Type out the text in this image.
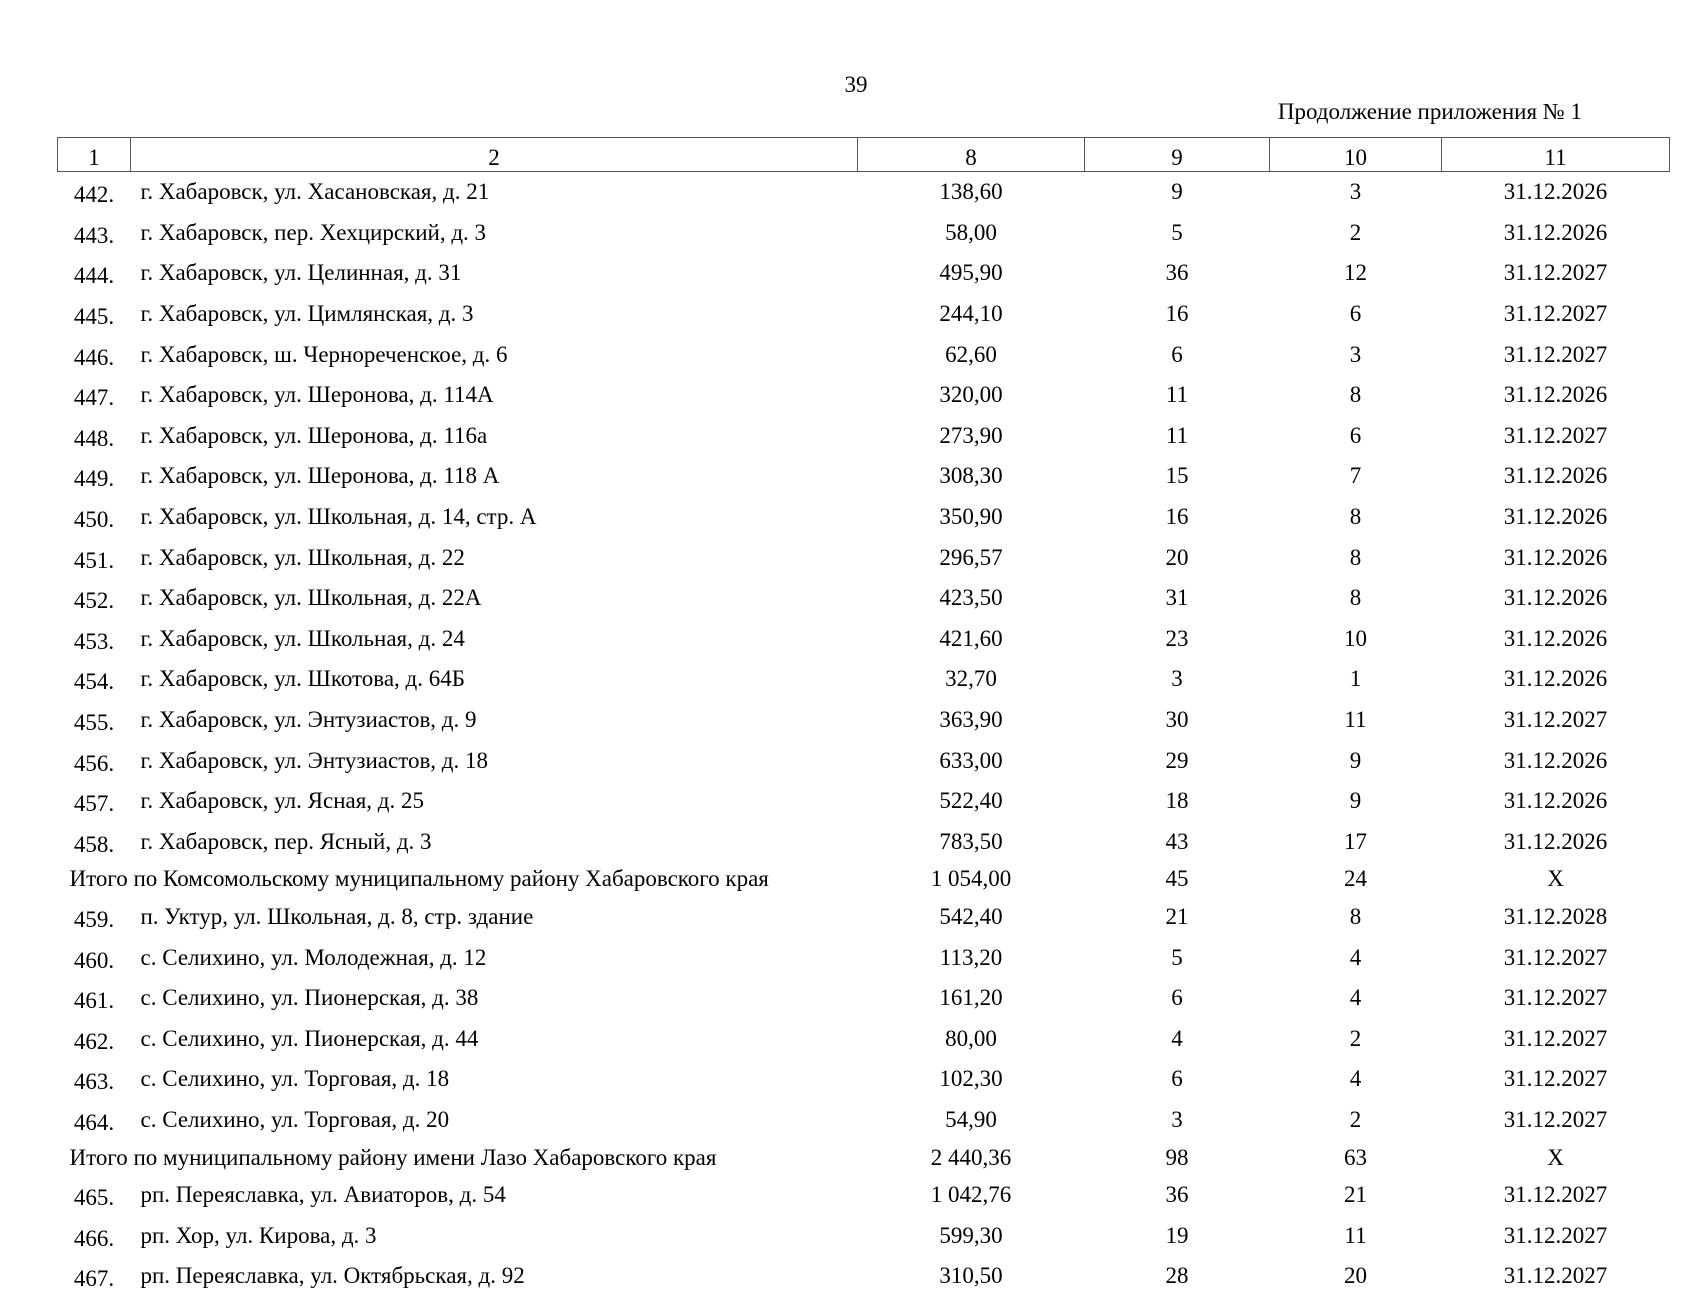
39
Продолжение приложения № 1
1	2	8	9	10	11
442.	г. Хабаровск, ул. Хасановская, д. 21	138,60	9	3	31.12.2026
443.	г. Хабаровск, пер. Хехцирский, д. 3	58,00	5	2	31.12.2026
444.	г. Хабаровск, ул. Целинная, д. 31	495,90	36	12	31.12.2027
445.	г. Хабаровск, ул. Цимлянская, д. 3	244,10	16	6	31.12.2027
446.	г. Хабаровск, ш. Черноречeнское, д. 6	62,60	6	3	31.12.2027
447.	г. Хабаровск, ул. Шеронова, д. 114А	320,00	11	8	31.12.2026
448.	г. Хабаровск, ул. Шеронова, д. 116а	273,90	11	6	31.12.2027
449.	г. Хабаровск, ул. Шеронова, д. 118 А	308,30	15	7	31.12.2026
450.	г. Хабаровск, ул. Школьная, д. 14, стр. А	350,90	16	8	31.12.2026
451.	г. Хабаровск, ул. Школьная, д. 22	296,57	20	8	31.12.2026
452.	г. Хабаровск, ул. Школьная, д. 22А	423,50	31	8	31.12.2026
453.	г. Хабаровск, ул. Школьная, д. 24	421,60	23	10	31.12.2026
454.	г. Хабаровск, ул. Шкотова, д. 64Б	32,70	3	1	31.12.2026
455.	г. Хабаровск, ул. Энтузиастов, д. 9	363,90	30	11	31.12.2027
456.	г. Хабаровск, ул. Энтузиастов, д. 18	633,00	29	9	31.12.2026
457.	г. Хабаровск, ул. Ясная, д. 25	522,40	18	9	31.12.2026
458.	г. Хабаровск, пер. Ясный, д. 3	783,50	43	17	31.12.2026
Итого по Комсомольскому муниципальному району Хабаровского края		1 054,00	45	24	Х
459.	п. Уктур, ул. Школьная, д. 8, стр. здание	542,40	21	8	31.12.2028
460.	с. Селихино, ул. Молодежная, д. 12	113,20	5	4	31.12.2027
461.	с. Селихино, ул. Пионерская, д. 38	161,20	6	4	31.12.2027
462.	с. Селихино, ул. Пионерская, д. 44	80,00	4	2	31.12.2027
463.	с. Селихино, ул. Торговая, д. 18	102,30	6	4	31.12.2027
464.	с. Селихино, ул. Торговая, д. 20	54,90	3	2	31.12.2027
Итого по муниципальному району имени Лазо Хабаровского края		2 440,36	98	63	Х
465.	рп. Переяславка, ул. Авиаторов, д. 54	1 042,76	36	21	31.12.2027
466.	рп. Хор, ул. Кирова, д. 3	599,30	19	11	31.12.2027
467.	рп. Переяславка, ул. Октябрьская, д. 92	310,50	28	20	31.12.2027
